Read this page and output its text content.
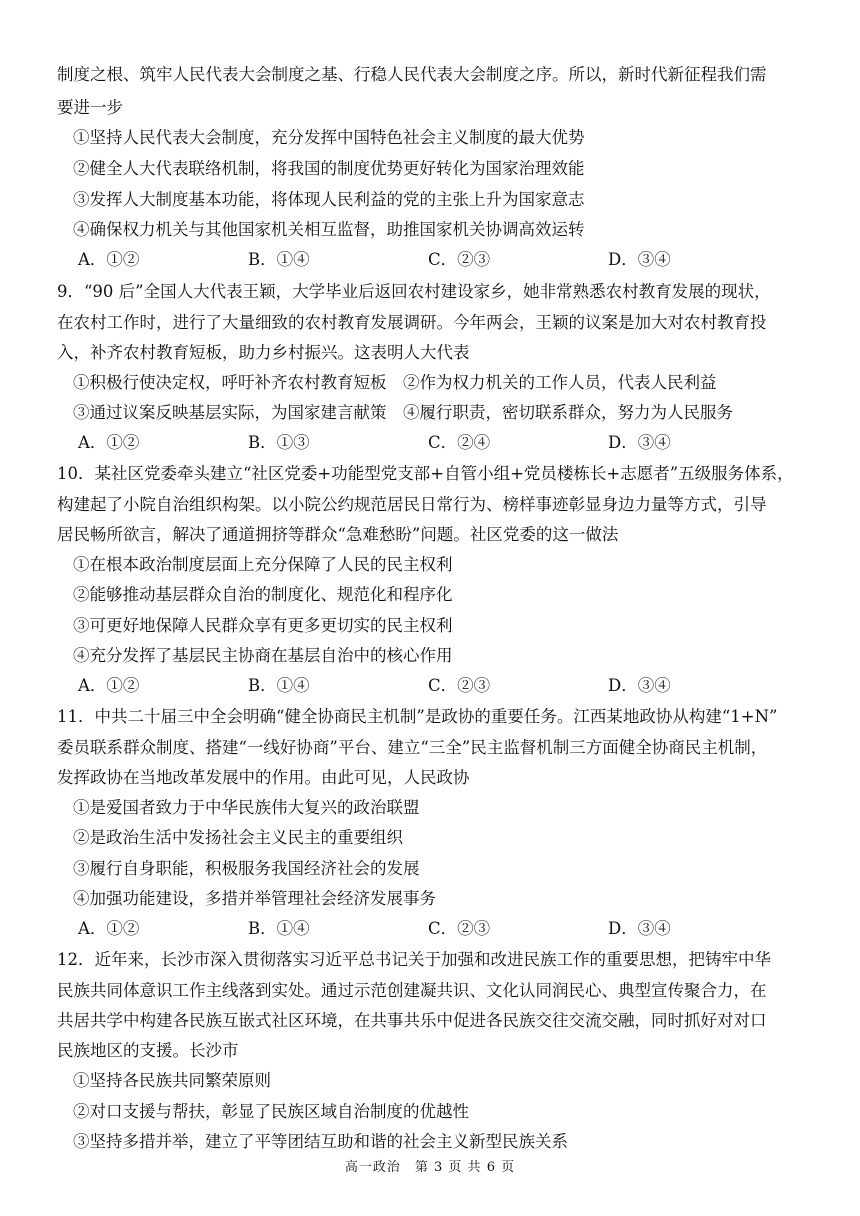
制度之根、筑牢人民代表大会制度之基、行稳人民代表大会制度之序。所以，新时代新征程我们需
要进一步
①坚持人民代表大会制度，充分发挥中国特色社会主义制度的最大优势
②健全人大代表联络机制，将我国的制度优势更好转化为国家治理效能
③发挥人大制度基本功能，将体现人民利益的党的主张上升为国家意志
④确保权力机关与其他国家机关相互监督，助推国家机关协调高效运转
A．①②	B．①④	C．②③	D．③④
9．“90 后”全国人大代表王颖，大学毕业后返回农村建设家乡，她非常熟悉农村教育发展的现状，
在农村工作时，进行了大量细致的农村教育发展调研。今年两会，王颖的议案是加大对农村教育投
入，补齐农村教育短板，助力乡村振兴。这表明人大代表
①积极行使决定权，呼吁补齐农村教育短板　②作为权力机关的工作人员，代表人民利益
③通过议案反映基层实际，为国家建言献策　④履行职责，密切联系群众，努力为人民服务
A．①②	B．①③	C．②④	D．③④
10．某社区党委牵头建立“社区党委+功能型党支部+自管小组+党员楼栋长+志愿者”五级服务体系，
构建起了小院自治组织构架。以小院公约规范居民日常行为、榜样事迹彰显身边力量等方式，引导
居民畅所欲言，解决了通道拥挤等群众“急难愁盼”问题。社区党委的这一做法
①在根本政治制度层面上充分保障了人民的民主权利
②能够推动基层群众自治的制度化、规范化和程序化
③可更好地保障人民群众享有更多更切实的民主权利
④充分发挥了基层民主协商在基层自治中的核心作用
A．①②	B．①④	C．②③	D．③④
11．中共二十届三中全会明确“健全协商民主机制”是政协的重要任务。江西某地政协从构建“1+N”
委员联系群众制度、搭建“一线好协商”平台、建立“三全”民主监督机制三方面健全协商民主机制，
发挥政协在当地改革发展中的作用。由此可见，人民政协
①是爱国者致力于中华民族伟大复兴的政治联盟
②是政治生活中发扬社会主义民主的重要组织
③履行自身职能，积极服务我国经济社会的发展
④加强功能建设，多措并举管理社会经济发展事务
A．①②	B．①④	C．②③	D．③④
12．近年来，长沙市深入贯彻落实习近平总书记关于加强和改进民族工作的重要思想，把铸牢中华
民族共同体意识工作主线落到实处。通过示范创建凝共识、文化认同润民心、典型宣传聚合力，在
共居共学中构建各民族互嵌式社区环境，在共事共乐中促进各民族交往交流交融，同时抓好对对口
民族地区的支援。长沙市
①坚持各民族共同繁荣原则
②对口支援与帮扶，彰显了民族区域自治制度的优越性
③坚持多措并举，建立了平等团结互助和谐的社会主义新型民族关系
高一政治　第 3 页 共 6 页
